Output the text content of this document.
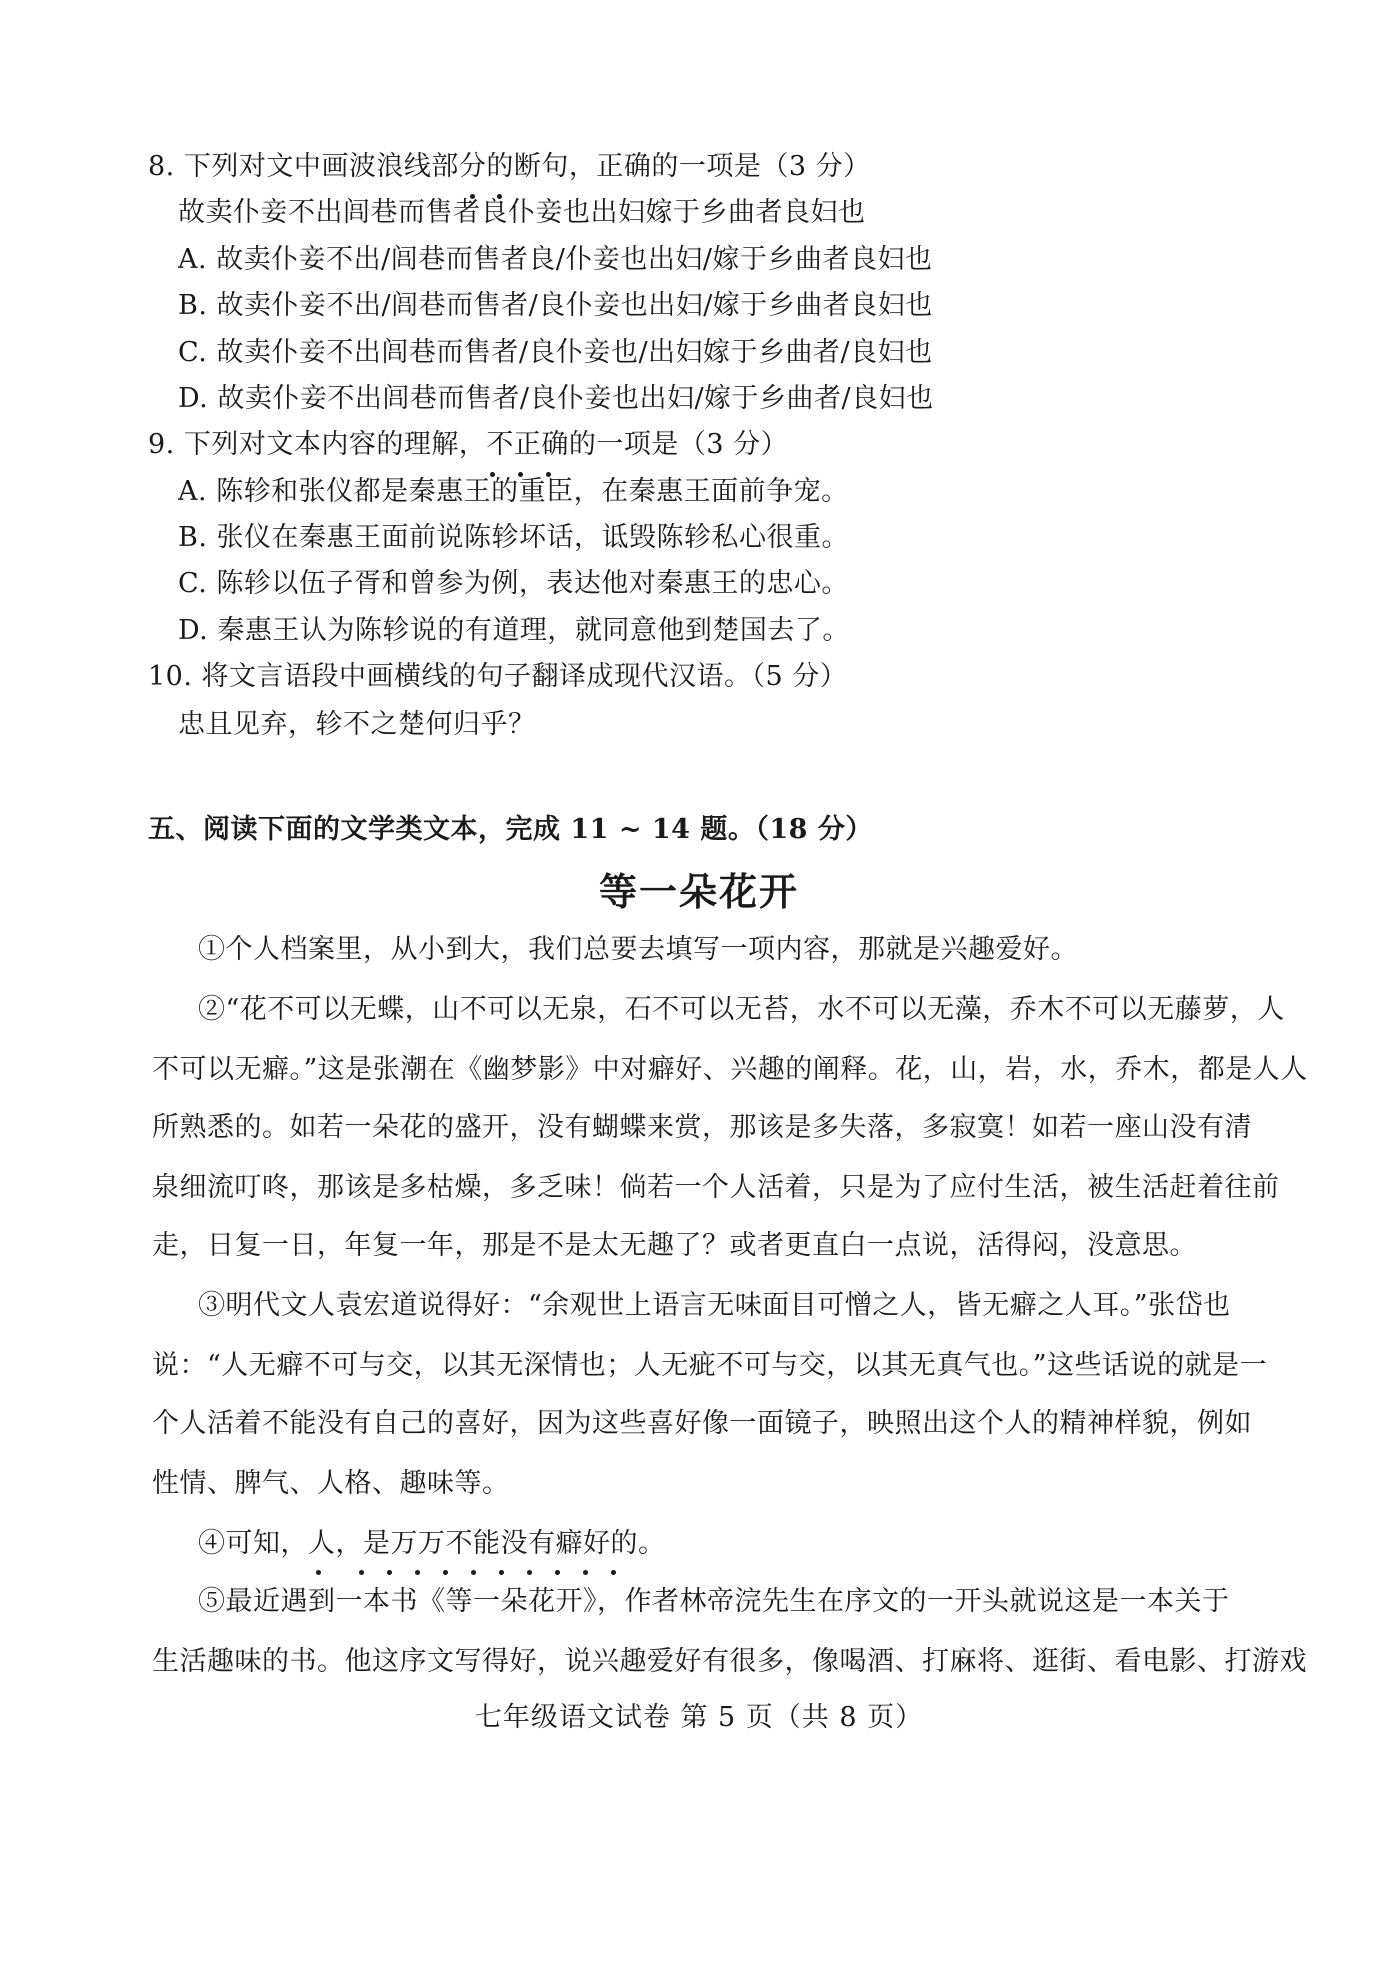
8. 下列对文中画波浪线部分的断句，正确的一项是（3 分）
故卖仆妾不出闾巷而售者良仆妾也出妇嫁于乡曲者良妇也
A. 故卖仆妾不出/闾巷而售者良/仆妾也出妇/嫁于乡曲者良妇也
B. 故卖仆妾不出/闾巷而售者/良仆妾也出妇/嫁于乡曲者良妇也
C. 故卖仆妾不出闾巷而售者/良仆妾也/出妇嫁于乡曲者/良妇也
D. 故卖仆妾不出闾巷而售者/良仆妾也出妇/嫁于乡曲者/良妇也
9. 下列对文本内容的理解，不正确的一项是（3 分）
A. 陈轸和张仪都是秦惠王的重臣，在秦惠王面前争宠。
B. 张仪在秦惠王面前说陈轸坏话，诋毁陈轸私心很重。
C. 陈轸以伍子胥和曾参为例，表达他对秦惠王的忠心。
D. 秦惠王认为陈轸说的有道理，就同意他到楚国去了。
10. 将文言语段中画横线的句子翻译成现代汉语。（5 分）
忠且见弃，轸不之楚何归乎？
五、阅读下面的文学类文本，完成 11 ~ 14 题。（18 分）
等一朵花开
①个人档案里，从小到大，我们总要去填写一项内容，那就是兴趣爱好。
②“花不可以无蝶，山不可以无泉，石不可以无苔，水不可以无藻，乔木不可以无藤萝，人
不可以无癖。”这是张潮在《幽梦影》中对癖好、兴趣的阐释。花，山，岩，水，乔木，都是人人
所熟悉的。如若一朵花的盛开，没有蝴蝶来赏，那该是多失落，多寂寞！如若一座山没有清
泉细流叮咚，那该是多枯燥，多乏味！倘若一个人活着，只是为了应付生活，被生活赶着往前
走，日复一日，年复一年，那是不是太无趣了？或者更直白一点说，活得闷，没意思。
③明代文人袁宏道说得好：“余观世上语言无味面目可憎之人，皆无癖之人耳。”张岱也
说：“人无癖不可与交，以其无深情也；人无疵不可与交，以其无真气也。”这些话说的就是一
个人活着不能没有自己的喜好，因为这些喜好像一面镜子，映照出这个人的精神样貌，例如
性情、脾气、人格、趣味等。
④可知，人，是万万不能没有癖好的。
⑤最近遇到一本书《等一朵花开》，作者林帝浣先生在序文的一开头就说这是一本关于
生活趣味的书。他这序文写得好，说兴趣爱好有很多，像喝酒、打麻将、逛街、看电影、打游戏
七年级语文试卷 第 5 页（共 8 页）
